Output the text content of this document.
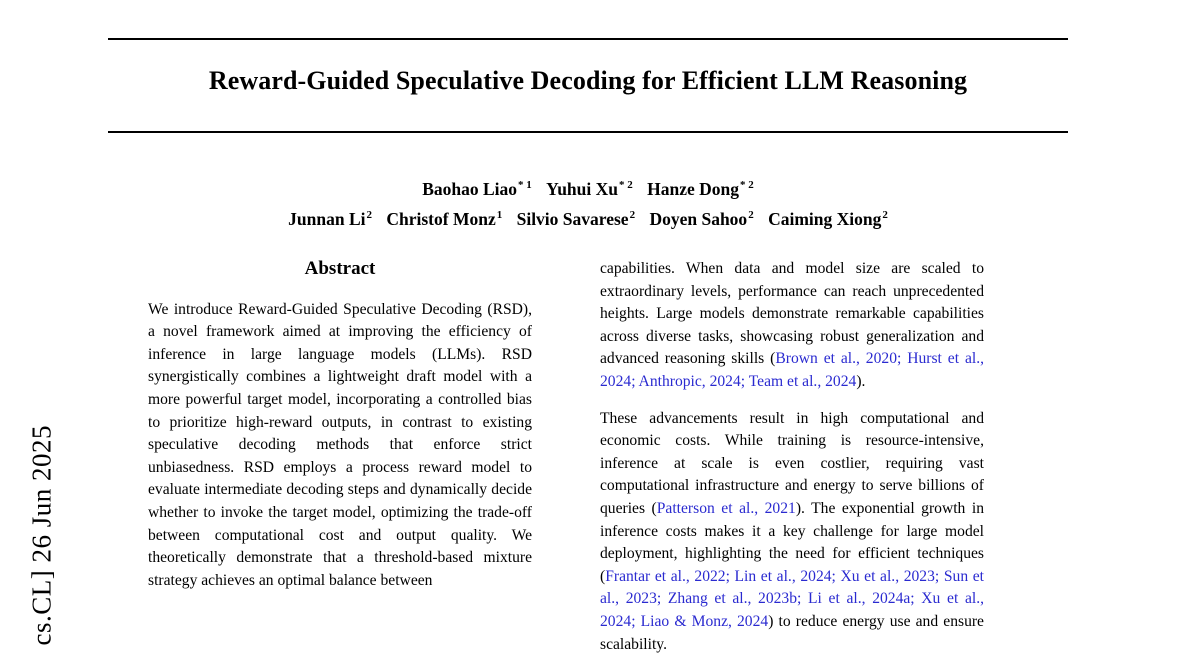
cs.CL] 26 Jun 2025
Reward-Guided Speculative Decoding for Efficient LLM Reasoning
Baohao Liao$^{* 1}$ Yuhui Xu$^{* 2}$ Hanze Dong$^{* 2}$
Junnan Li$^2$ Christof Monz$^1$ Silvio Savarese$^2$ Doyen Sahoo$^2$ Caiming Xiong$^2$
Abstract

We introduce Reward-Guided Speculative Decoding (RSD), a novel framework aimed at improving the efficiency of inference in large language models (LLMs). RSD synergistically combines a lightweight draft model with a more powerful target model, incorporating a controlled bias to prioritize high-reward outputs, in contrast to existing speculative decoding methods that enforce strict unbiasedness. RSD employs a process reward model to evaluate intermediate decoding steps and dynamically decide whether to invoke the target model, optimizing the trade-off between computational cost and output quality. We theoretically demonstrate that a threshold-based mixture strategy achieves an optimal balance between

capabilities. When data and model size are scaled to extraordinary levels, performance can reach unprecedented heights. Large models demonstrate remarkable capabilities across diverse tasks, showcasing robust generalization and advanced reasoning skills (Brown et al., 2020; Hurst et al., 2024; Anthropic, 2024; Team et al., 2024).

These advancements result in high computational and economic costs. While training is resource-intensive, inference at scale is even costlier, requiring vast computational infrastructure and energy to serve billions of queries (Patterson et al., 2021). The exponential growth in inference costs makes it a key challenge for large model deployment, highlighting the need for efficient techniques (Frantar et al., 2022; Lin et al., 2024; Xu et al., 2023; Sun et al., 2023; Zhang et al., 2023b; Li et al., 2024a; Xu et al., 2024; Liao & Monz, 2024) to reduce energy use and ensure scalability.
